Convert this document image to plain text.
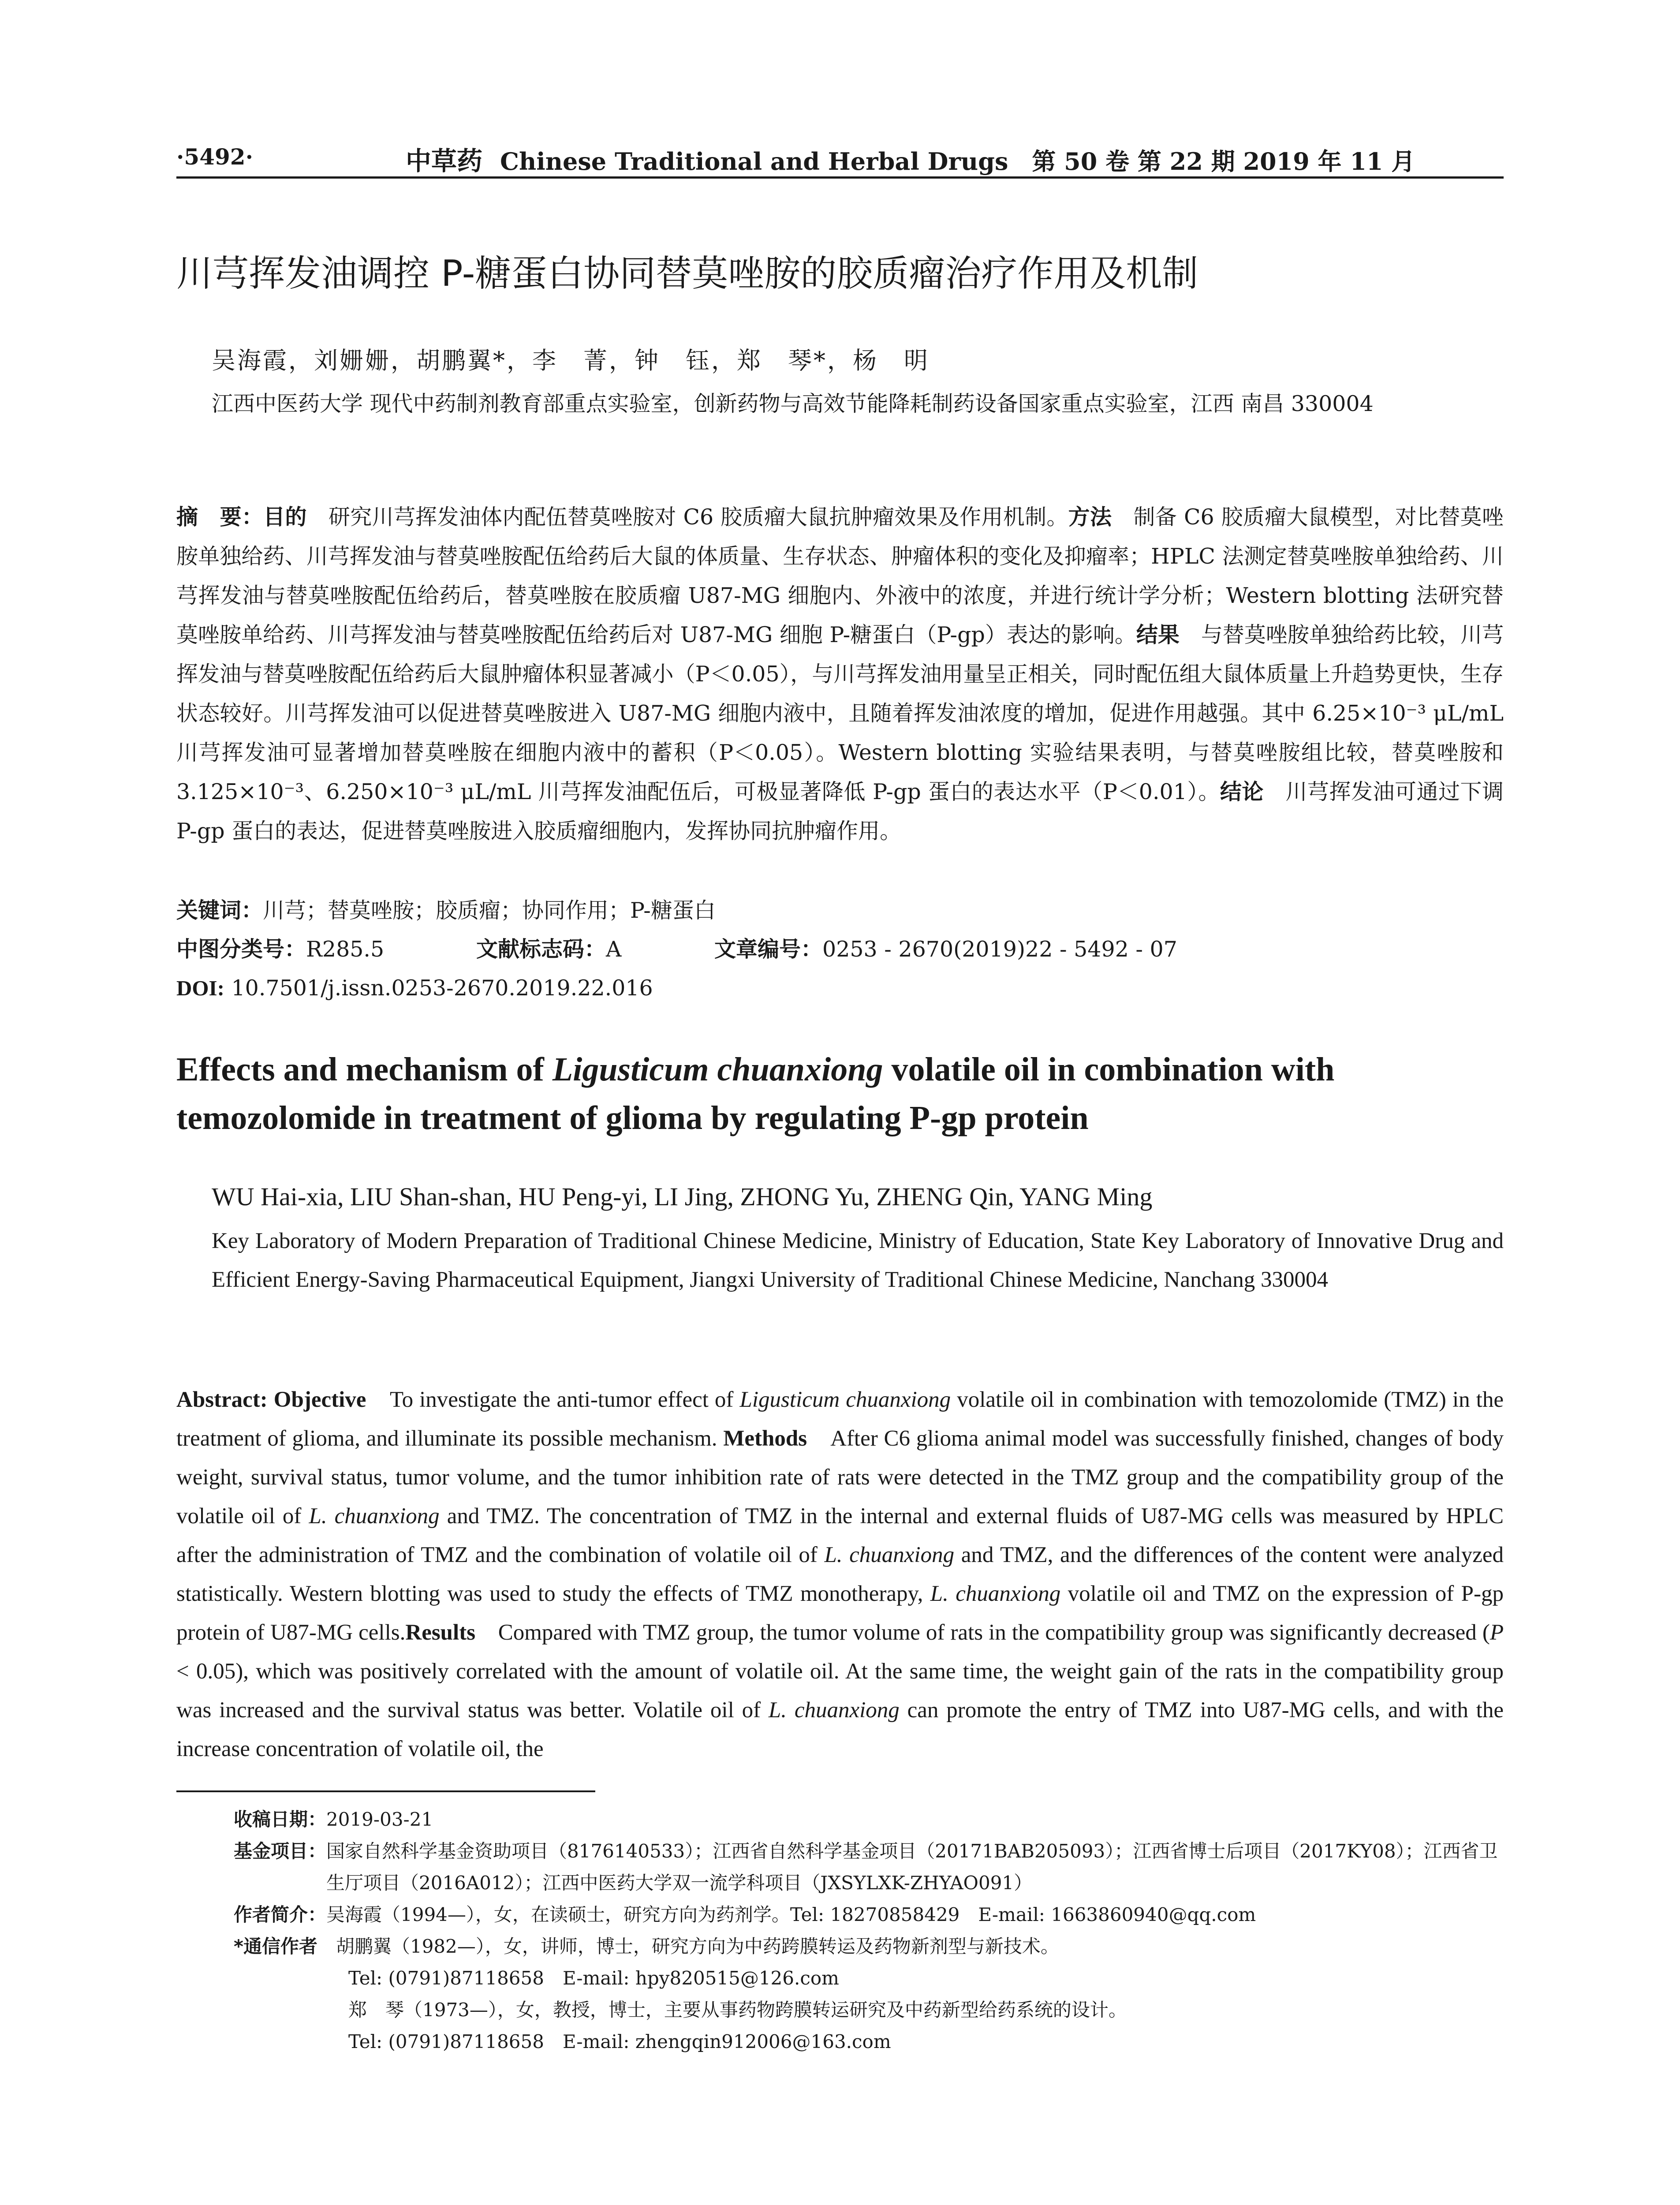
·5492·	中草药 Chinese Traditional and Herbal Drugs　第 50 卷 第 22 期 2019 年 11 月
川芎挥发油调控 P-糖蛋白协同替莫唑胺的胶质瘤治疗作用及机制
吴海霞，刘姗姗，胡鹏翼*，李　菁，钟　钰，郑　琴*，杨　明
江西中医药大学 现代中药制剂教育部重点实验室，创新药物与高效节能降耗制药设备国家重点实验室，江西 南昌 330004
摘　要：目的　研究川芎挥发油体内配伍替莫唑胺对 C6 胶质瘤大鼠抗肿瘤效果及作用机制。方法　制备 C6 胶质瘤大鼠模型，对比替莫唑胺单独给药、川芎挥发油与替莫唑胺配伍给药后大鼠的体质量、生存状态、肿瘤体积的变化及抑瘤率；HPLC 法测定替莫唑胺单独给药、川芎挥发油与替莫唑胺配伍给药后，替莫唑胺在胶质瘤 U87-MG 细胞内、外液中的浓度，并进行统计学分析；Western blotting 法研究替莫唑胺单给药、川芎挥发油与替莫唑胺配伍给药后对 U87-MG 细胞 P-糖蛋白（P-gp）表达的影响。结果　与替莫唑胺单独给药比较，川芎挥发油与替莫唑胺配伍给药后大鼠肿瘤体积显著减小（P＜0.05），与川芎挥发油用量呈正相关，同时配伍组大鼠体质量上升趋势更快，生存状态较好。川芎挥发油可以促进替莫唑胺进入 U87-MG 细胞内液中，且随着挥发油浓度的增加，促进作用越强。其中 6.25×10⁻³ μL/mL 川芎挥发油可显著增加替莫唑胺在细胞内液中的蓄积（P＜0.05）。Western blotting 实验结果表明，与替莫唑胺组比较，替莫唑胺和 3.125×10⁻³、6.250×10⁻³ μL/mL 川芎挥发油配伍后，可极显著降低 P-gp 蛋白的表达水平（P＜0.01）。结论　川芎挥发油可通过下调 P-gp 蛋白的表达，促进替莫唑胺进入胶质瘤细胞内，发挥协同抗肿瘤作用。
关键词：川芎；替莫唑胺；胶质瘤；协同作用；P-糖蛋白
中图分类号：R285.5	文献标志码：A	文章编号：0253 - 2670(2019)22 - 5492 - 07
DOI: 10.7501/j.issn.0253-2670.2019.22.016
Effects and mechanism of Ligusticum chuanxiong volatile oil in combination with temozolomide in treatment of glioma by regulating P-gp protein
WU Hai-xia, LIU Shan-shan, HU Peng-yi, LI Jing, ZHONG Yu, ZHENG Qin, YANG Ming
Key Laboratory of Modern Preparation of Traditional Chinese Medicine, Ministry of Education, State Key Laboratory of Innovative Drug and Efficient Energy-Saving Pharmaceutical Equipment, Jiangxi University of Traditional Chinese Medicine, Nanchang 330004
Abstract: Objective　To investigate the anti-tumor effect of Ligusticum chuanxiong volatile oil in combination with temozolomide (TMZ) in the treatment of glioma, and illuminate its possible mechanism. Methods　After C6 glioma animal model was successfully finished, changes of body weight, survival status, tumor volume, and the tumor inhibition rate of rats were detected in the TMZ group and the compatibility group of the volatile oil of L. chuanxiong and TMZ. The concentration of TMZ in the internal and external fluids of U87-MG cells was measured by HPLC after the administration of TMZ and the combination of volatile oil of L. chuanxiong and TMZ, and the differences of the content were analyzed statistically. Western blotting was used to study the effects of TMZ monotherapy, L. chuanxiong volatile oil and TMZ on the expression of P-gp protein of U87-MG cells.Results　Compared with TMZ group, the tumor volume of rats in the compatibility group was significantly decreased (P < 0.05), which was positively correlated with the amount of volatile oil. At the same time, the weight gain of the rats in the compatibility group was increased and the survival status was better. Volatile oil of L. chuanxiong can promote the entry of TMZ into U87-MG cells, and with the increase concentration of volatile oil, the
收稿日期： 2019-03-21
基金项目： 国家自然科学基金资助项目（8176140533）；江西省自然科学基金项目（20171BAB205093）；江西省博士后项目（2017KY08）；江西省卫生厅项目（2016A012）；江西中医药大学双一流学科项目（JXSYLXK-ZHYAO091）
作者简介： 吴海霞（1994—），女，在读硕士，研究方向为药剂学。Tel: 18270858429　E-mail: 1663860940@qq.com
*通信作者 　胡鹏翼（1982—），女，讲师，博士，研究方向为中药跨膜转运及药物新剂型与新技术。
Tel: (0791)87118658　E-mail: hpy820515@126.com
郑　琴（1973—），女，教授，博士，主要从事药物跨膜转运研究及中药新型给药系统的设计。
Tel: (0791)87118658　E-mail: zhengqin912006@163.com
